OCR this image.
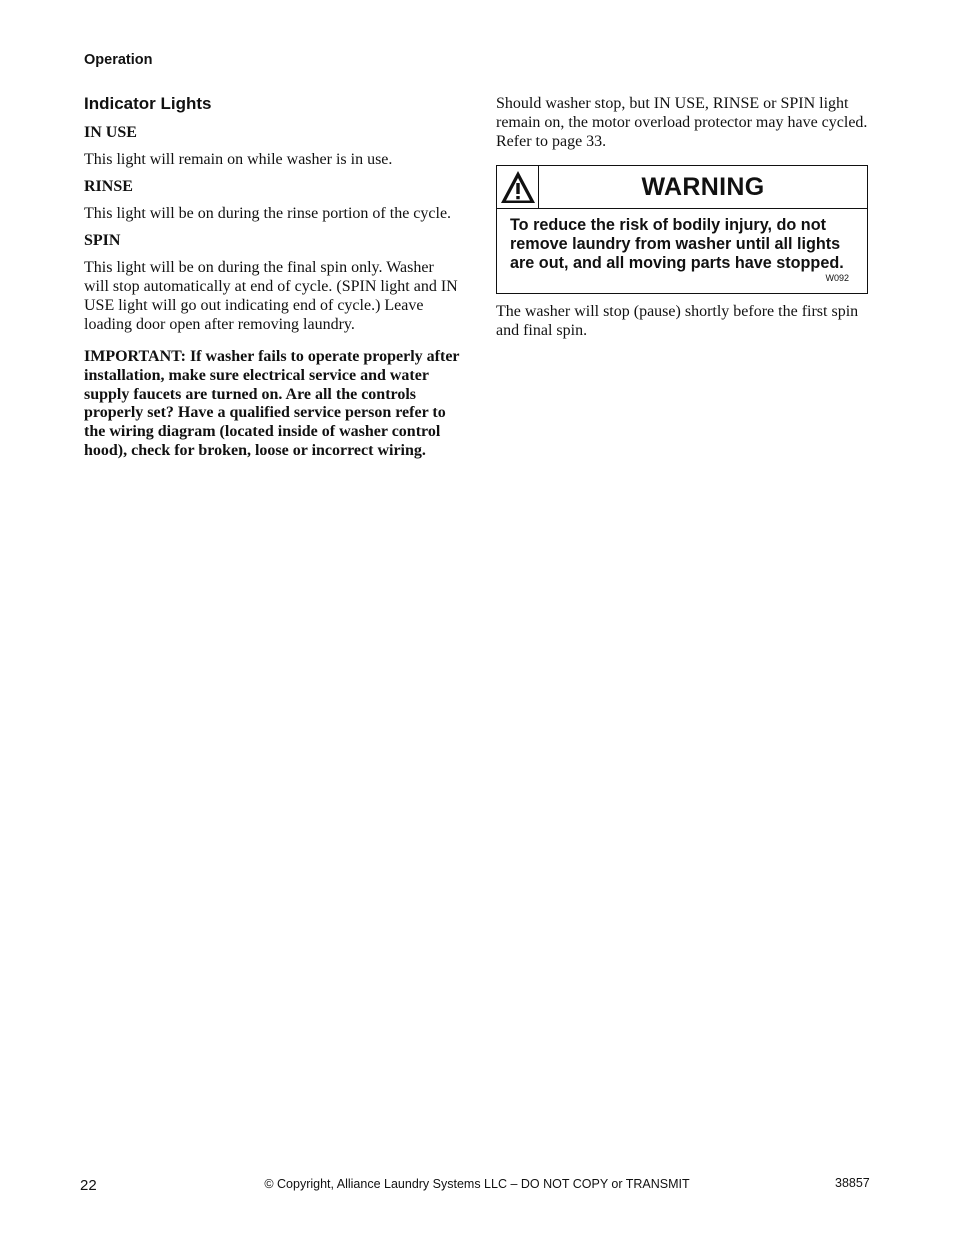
Operation
Indicator Lights
IN USE

This light will remain on while washer is in use.

RINSE

This light will be on during the rinse portion of the cycle.

SPIN

This light will be on during the final spin only. Washer will stop automatically at end of cycle. (SPIN light and IN USE light will go out indicating end of cycle.) Leave loading door open after removing laundry.

IMPORTANT: If washer fails to operate properly after installation, make sure electrical service and water supply faucets are turned on. Are all the controls properly set? Have a qualified service person refer to the wiring diagram (located inside of washer control hood), check for broken, loose or incorrect wiring.

Should washer stop, but IN USE, RINSE or SPIN light remain on, the motor overload protector may have cycled. Refer to page 33.

WARNING

To reduce the risk of bodily injury, do not remove laundry from washer until all lights are out, and all moving parts have stopped.

W092

The washer will stop (pause) shortly before the first spin and final spin.

22	© Copyright, Alliance Laundry Systems LLC – DO NOT COPY or TRANSMIT	38857
